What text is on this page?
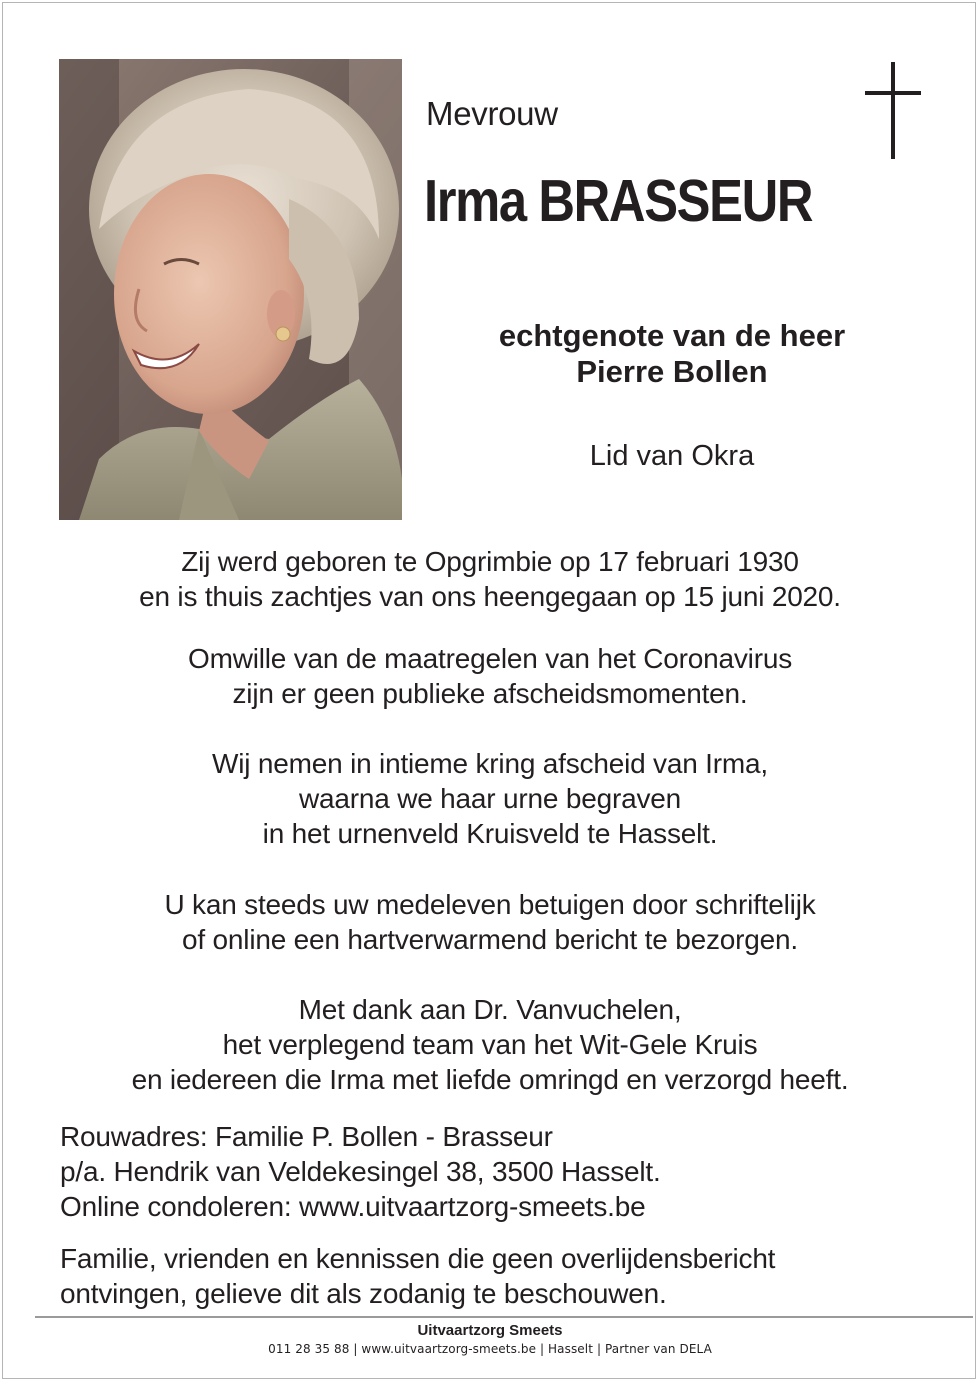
Mevrouw
Irma BRASSEUR
echtgenote van de heer
Pierre Bollen
Lid van Okra
Zij werd geboren te Opgrimbie op 17 februari 1930
en is thuis zachtjes van ons heengegaan op 15 juni 2020.
Omwille van de maatregelen van het Coronavirus
zijn er geen publieke afscheidsmomenten.
Wij nemen in intieme kring afscheid van Irma,
waarna we haar urne begraven
in het urnenveld Kruisveld te Hasselt.
U kan steeds uw medeleven betuigen door schriftelijk
of online een hartverwarmend bericht te bezorgen.
Met dank aan Dr. Vanvuchelen,
het verplegend team van het Wit-Gele Kruis
en iedereen die Irma met liefde omringd en verzorgd heeft.
Rouwadres: Familie P. Bollen - Brasseur
p/a. Hendrik van Veldekesingel 38, 3500 Hasselt.
Online condoleren: www.uitvaartzorg-smeets.be
Familie, vrienden en kennissen die geen overlijdensbericht
ontvingen, gelieve dit als zodanig te beschouwen.
Uitvaartzorg Smeets
011 28 35 88 | www.uitvaartzorg-smeets.be | Hasselt | Partner van DELA
